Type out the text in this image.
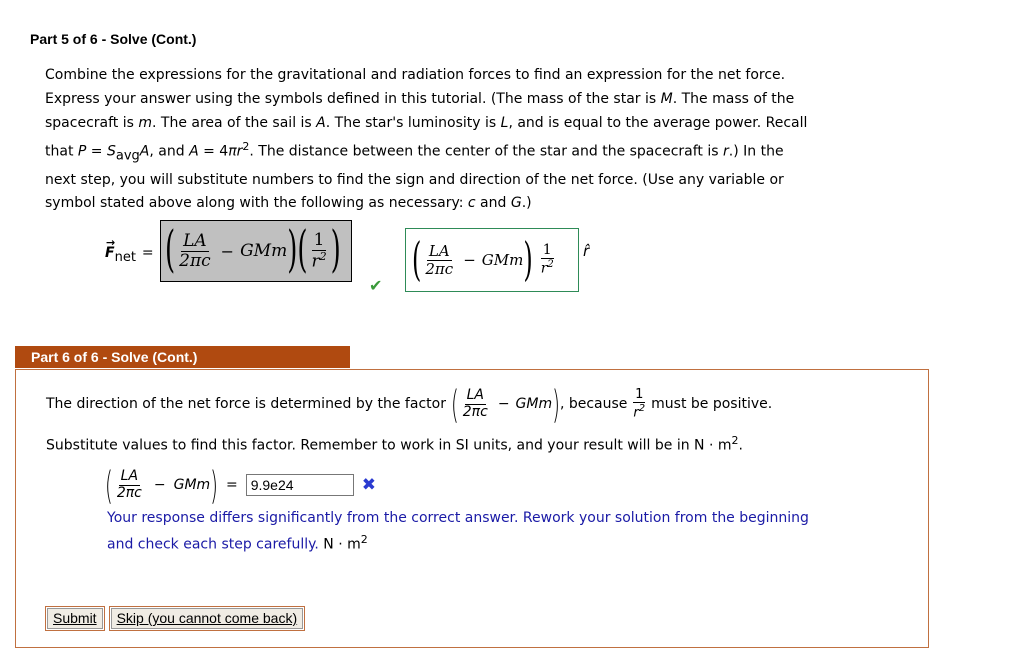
Part 5 of 6 - Solve (Cont.)
Combine the expressions for the gravitational and radiation forces to find an expression for the net force.
Express your answer using the symbols defined in this tutorial. (The mass of the star is M. The mass of the
spacecraft is m. The area of the sail is A. The star's luminosity is L, and is equal to the average power. Recall
that $P = S_{avg}A$, and $A = 4\pi r^2$. The distance between the center of the star and the spacecraft is r.) In the
next step, you will substitute numbers to find the sign and direction of the net force. (Use any variable or
symbol stated above along with the following as necessary: c and G.)
→
F net = ( $\frac{LA}{2\pi c}$ − GMm ) ( $\frac{1}{r^2}$ )
✔ ( $\frac{LA}{2\pi c}$ − GMm ) $\frac{1}{r^2}$ r̂
Part 6 of 6 - Solve (Cont.)
The direction of the net force is determined by the factor ( $\frac{LA}{2\pi c}$ − GMm ) , because $\frac{1}{r^2}$ must be positive.
Substitute values to find this factor. Remember to work in SI units, and your result will be in $N \cdot m^2$.
( $\frac{LA}{2\pi c}$ − GMm ) = 9.9e24	✖
Your response differs significantly from the correct answer. Rework your solution from the beginning
and check each step carefully. $N \cdot m^2$
Submit	Skip (you cannot come back)
